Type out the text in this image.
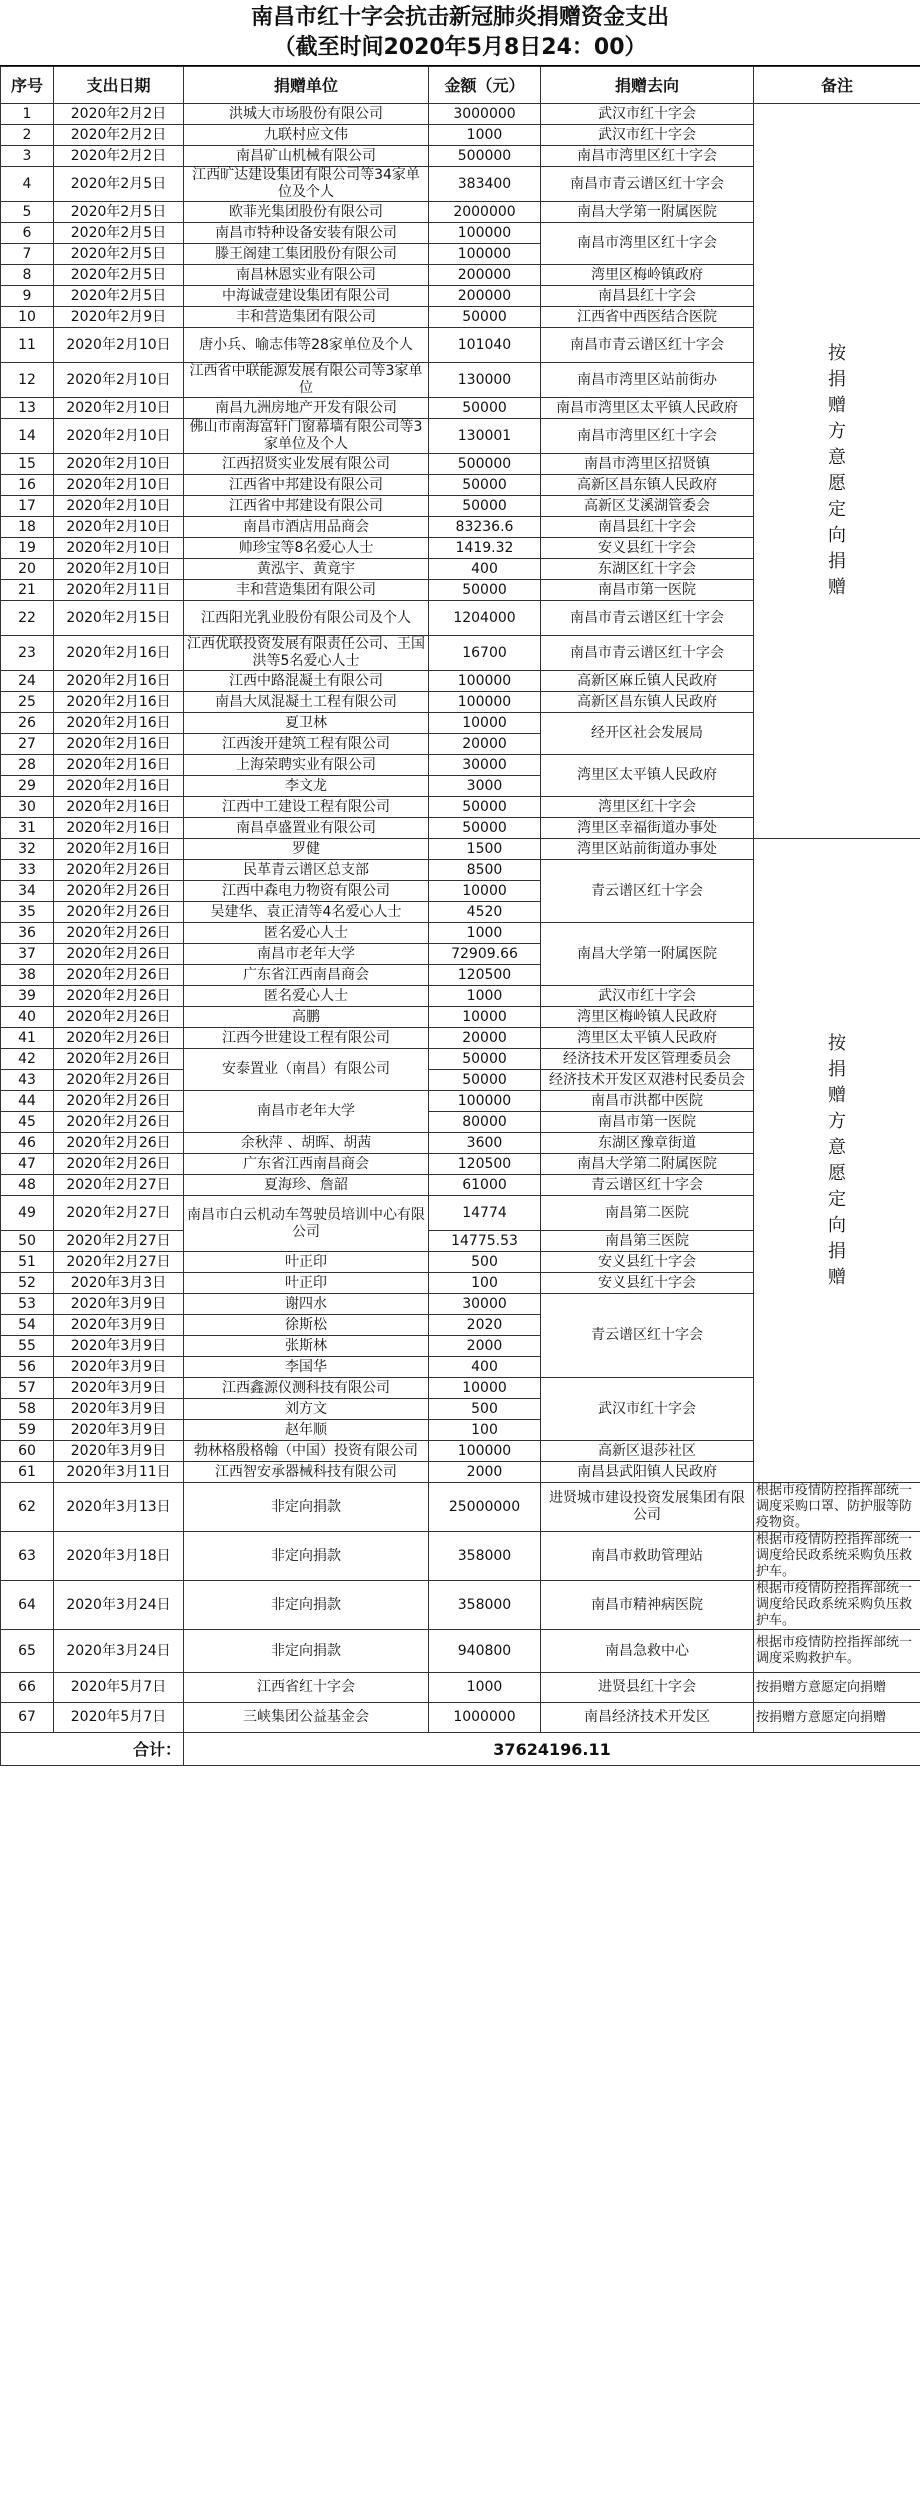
南昌市红十字会抗击新冠肺炎捐赠资金支出
（截至时间2020年5月8日24：00）
序号	支出日期	捐赠单位	金额（元）	捐赠去向	备注
1	2020年2月2日	洪城大市场股份有限公司	3000000	武汉市红十字会	按捐赠方意愿定向捐赠
2	2020年2月2日	九联村应文伟	1000	武汉市红十字会	
3	2020年2月2日	南昌矿山机械有限公司	500000	南昌市湾里区红十字会	
4	2020年2月5日	江西旷达建设集团有限公司等34家单位及个人	383400	南昌市青云谱区红十字会	
5	2020年2月5日	欧菲光集团股份有限公司	2000000	南昌大学第一附属医院	
6	2020年2月5日	南昌市特种设备安装有限公司	100000	南昌市湾里区红十字会	
7	2020年2月5日	滕王阁建工集团股份有限公司	100000		
8	2020年2月5日	南昌林恩实业有限公司	200000	湾里区梅岭镇政府	
9	2020年2月5日	中海诚壹建设集团有限公司	200000	南昌县红十字会	
10	2020年2月9日	丰和营造集团有限公司	50000	江西省中西医结合医院	
11	2020年2月10日	唐小兵、喻志伟等28家单位及个人	101040	南昌市青云谱区红十字会	
12	2020年2月10日	江西省中联能源发展有限公司等3家单位	130000	南昌市湾里区站前街办	
13	2020年2月10日	南昌九洲房地产开发有限公司	50000	南昌市湾里区太平镇人民政府	
14	2020年2月10日	佛山市南海富轩门窗幕墙有限公司等3家单位及个人	130001	南昌市湾里区红十字会	
15	2020年2月10日	江西招贤实业发展有限公司	500000	南昌市湾里区招贤镇	
16	2020年2月10日	江西省中邦建设有限公司	50000	高新区昌东镇人民政府	
17	2020年2月10日	江西省中邦建设有限公司	50000	高新区艾溪湖管委会	
18	2020年2月10日	南昌市酒店用品商会	83236.6	南昌县红十字会	
19	2020年2月10日	帅珍宝等8名爱心人士	1419.32	安义县红十字会	
20	2020年2月10日	黄泓宇、黄竟宇	400	东湖区红十字会	
21	2020年2月11日	丰和营造集团有限公司	50000	南昌市第一医院	
22	2020年2月15日	江西阳光乳业股份有限公司及个人	1204000	南昌市青云谱区红十字会	
23	2020年2月16日	江西优联投资发展有限责任公司、王国洪等5名爱心人士	16700	南昌市青云谱区红十字会	
24	2020年2月16日	江西中路混凝土有限公司	100000	高新区麻丘镇人民政府	
25	2020年2月16日	南昌大凤混凝土工程有限公司	100000	高新区昌东镇人民政府	
26	2020年2月16日	夏卫林	10000	经开区社会发展局	
27	2020年2月16日	江西浚开建筑工程有限公司	20000		
28	2020年2月16日	上海荣聘实业有限公司	30000	湾里区太平镇人民政府	
29	2020年2月16日	李文龙	3000		
30	2020年2月16日	江西中工建设工程有限公司	50000	湾里区红十字会	
31	2020年2月16日	南昌卓盛置业有限公司	50000	湾里区幸福街道办事处	
32	2020年2月16日	罗健	1500	湾里区站前街道办事处	按捐赠方意愿定向捐赠
33	2020年2月26日	民革青云谱区总支部	8500	青云谱区红十字会	
34	2020年2月26日	江西中森电力物资有限公司	10000		
35	2020年2月26日	吴建华、袁正清等4名爱心人士	4520		
36	2020年2月26日	匿名爱心人士	1000	南昌大学第一附属医院	
37	2020年2月26日	南昌市老年大学	72909.66		
38	2020年2月26日	广东省江西南昌商会	120500		
39	2020年2月26日	匿名爱心人士	1000	武汉市红十字会	
40	2020年2月26日	高鹏	10000	湾里区梅岭镇人民政府	
41	2020年2月26日	江西今世建设工程有限公司	20000	湾里区太平镇人民政府	
42	2020年2月26日	安泰置业（南昌）有限公司	50000	经济技术开发区管理委员会	
43	2020年2月26日		50000	经济技术开发区双港村民委员会	
44	2020年2月26日	南昌市老年大学	100000	南昌市洪都中医院	
45	2020年2月26日		80000	南昌市第一医院	
46	2020年2月26日	余秋萍 、胡晖、胡茜	3600	东湖区豫章街道	
47	2020年2月26日	广东省江西南昌商会	120500	南昌大学第二附属医院	
48	2020年2月27日	夏海珍、詹韶	61000	青云谱区红十字会	
49	2020年2月27日	南昌市白云机动车驾驶员培训中心有限公司	14774	南昌第二医院	
50	2020年2月27日		14775.53	南昌第三医院	
51	2020年2月27日	叶正印	500	安义县红十字会	
52	2020年3月3日	叶正印	100	安义县红十字会	
53	2020年3月9日	谢四水	30000	青云谱区红十字会	
54	2020年3月9日	徐斯松	2020		
55	2020年3月9日	张斯林	2000		
56	2020年3月9日	李国华	400		
57	2020年3月9日	江西鑫源仪测科技有限公司	10000	武汉市红十字会	
58	2020年3月9日	刘方文	500		
59	2020年3月9日	赵年顺	100		
60	2020年3月9日	勃林格殷格翰（中国）投资有限公司	100000	高新区退莎社区	
61	2020年3月11日	江西智安承器械科技有限公司	2000	南昌县武阳镇人民政府	
62	2020年3月13日	非定向捐款	25000000	进贤城市建设投资发展集团有限公司	根据市疫情防控指挥部统一调度采购口罩、防护服等防疫物资。
63	2020年3月18日	非定向捐款	358000	南昌市救助管理站	根据市疫情防控指挥部统一调度给民政系统采购负压救护车。
64	2020年3月24日	非定向捐款	358000	南昌市精神病医院	根据市疫情防控指挥部统一调度给民政系统采购负压救护车。
65	2020年3月24日	非定向捐款	940800	南昌急救中心	根据市疫情防控指挥部统一调度采购救护车。
66	2020年5月7日	江西省红十字会	1000	进贤县红十字会	按捐赠方意愿定向捐赠
67	2020年5月7日	三峡集团公益基金会	1000000	南昌经济技术开发区	按捐赠方意愿定向捐赠
合计：		37624196.11			
